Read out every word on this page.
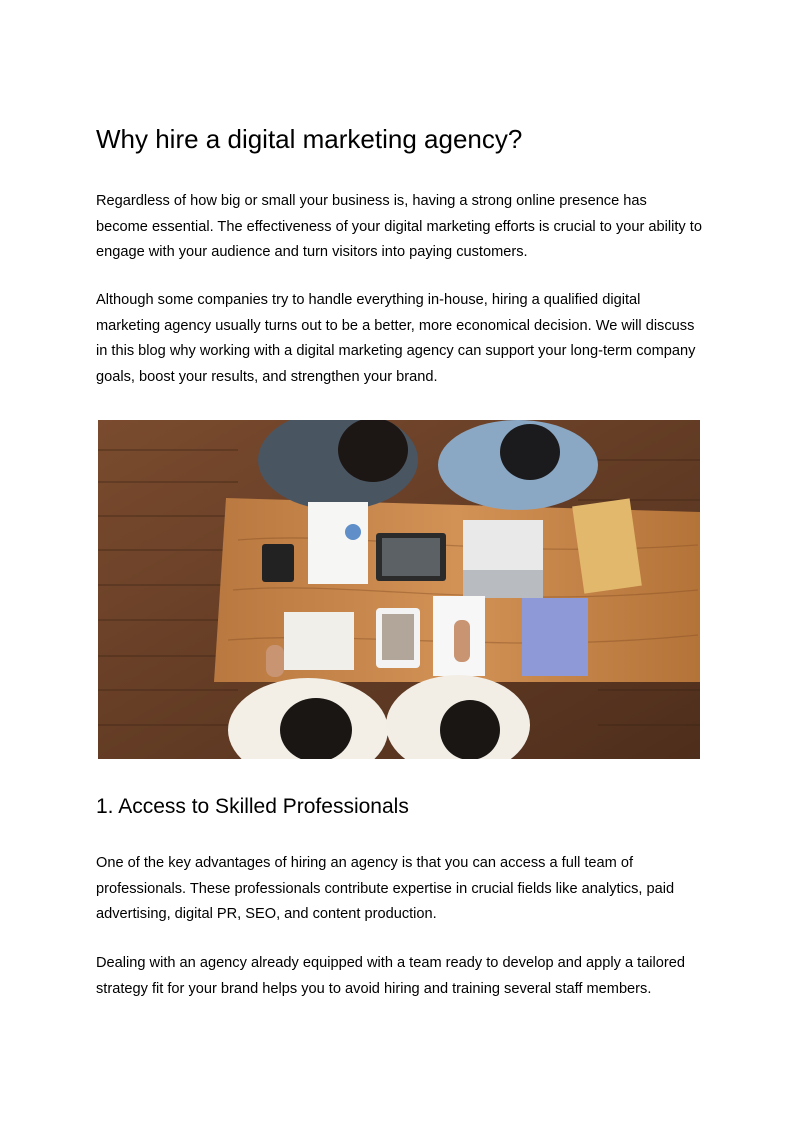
Why hire a digital marketing agency?

Regardless of how big or small your business is, having a strong online presence has become essential. The effectiveness of your digital marketing efforts is crucial to your ability to engage with your audience and turn visitors into paying customers.

Although some companies try to handle everything in-house, hiring a qualified digital marketing agency usually turns out to be a better, more economical decision. We will discuss in this blog why working with a digital marketing agency can support your long-term company goals, boost your results, and strengthen your brand.

1. Access to Skilled Professionals

One of the key advantages of hiring an agency is that you can access a full team of professionals. These professionals contribute expertise in crucial fields like analytics, paid advertising, digital PR, SEO, and content production.

Dealing with an agency already equipped with a team ready to develop and apply a tailored strategy fit for your brand helps you to avoid hiring and training several staff members.
